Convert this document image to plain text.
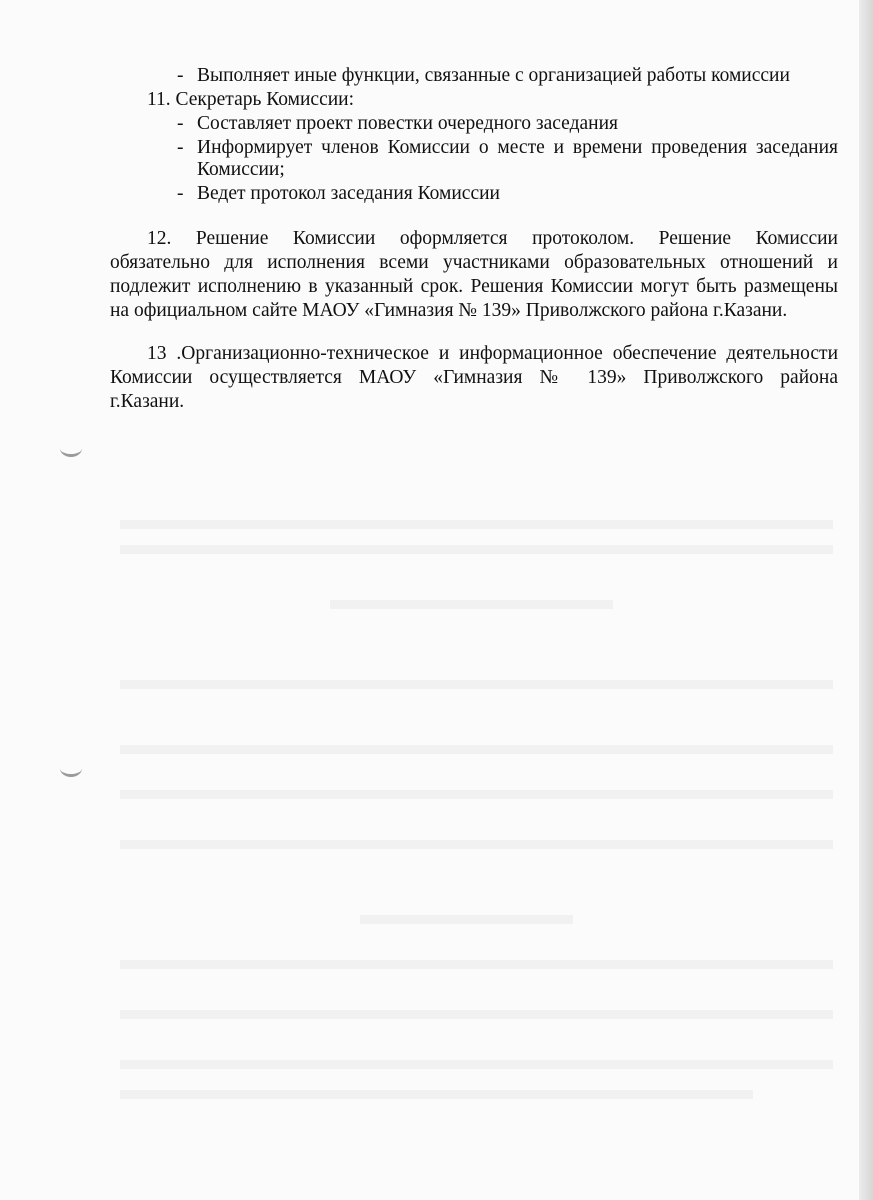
- Выполняет иные функции, связанные с организацией работы комиссии
11. Секретарь Комиссии:
- Составляет проект повестки очередного заседания
- Информирует членов Комиссии о месте и времени проведения заседания
Комиссии;
- Ведет протокол заседания Комиссии
12. Решение Комиссии оформляется протоколом. Решение Комиссии
обязательно для исполнения всеми участниками образовательных отношений и
подлежит исполнению в указанный срок. Решения Комиссии могут быть размещены
на официальном сайте МАОУ «Гимназия № 139» Приволжского района г.Казани.
13 .Организационно-техническое и информационное обеспечение деятельности
Комиссии осуществляется МАОУ «Гимназия № 139» Приволжского района
г.Казани.
